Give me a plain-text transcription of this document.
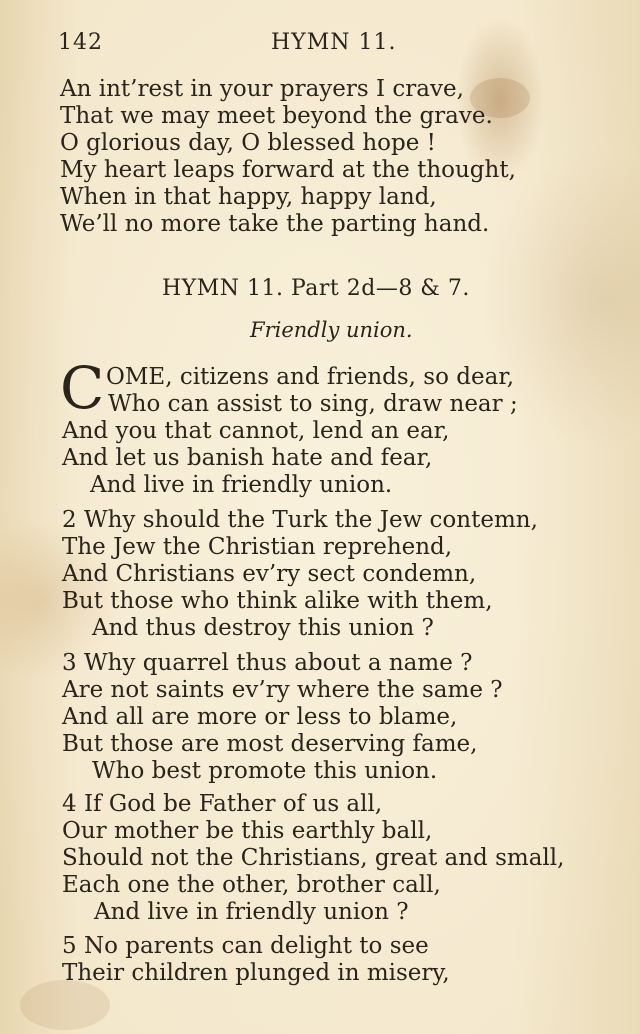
142	HYMN 11.
An int’rest in your prayers I crave,
That we may meet beyond the grave.
O glorious day, O blessed hope !
My heart leaps forward at the thought,
When in that happy, happy land,
We’ll no more take the parting hand.
HYMN 11. Part 2d—8 & 7.
Friendly union.
C OME, citizens and friends, so dear,
Who can assist to sing, draw near ;
And you that cannot, lend an ear,
And let us banish hate and fear,
And live in friendly union.
2 Why should the Turk the Jew contemn,
The Jew the Christian reprehend,
And Christians ev’ry sect condemn,
But those who think alike with them,
And thus destroy this union ?
3 Why quarrel thus about a name ?
Are not saints ev’ry where the same ?
And all are more or less to blame,
But those are most deserving fame,
Who best promote this union.
4 If God be Father of us all,
Our mother be this earthly ball,
Should not the Christians, great and small,
Each one the other, brother call,
And live in friendly union ?
5 No parents can delight to see
Their children plunged in misery,
